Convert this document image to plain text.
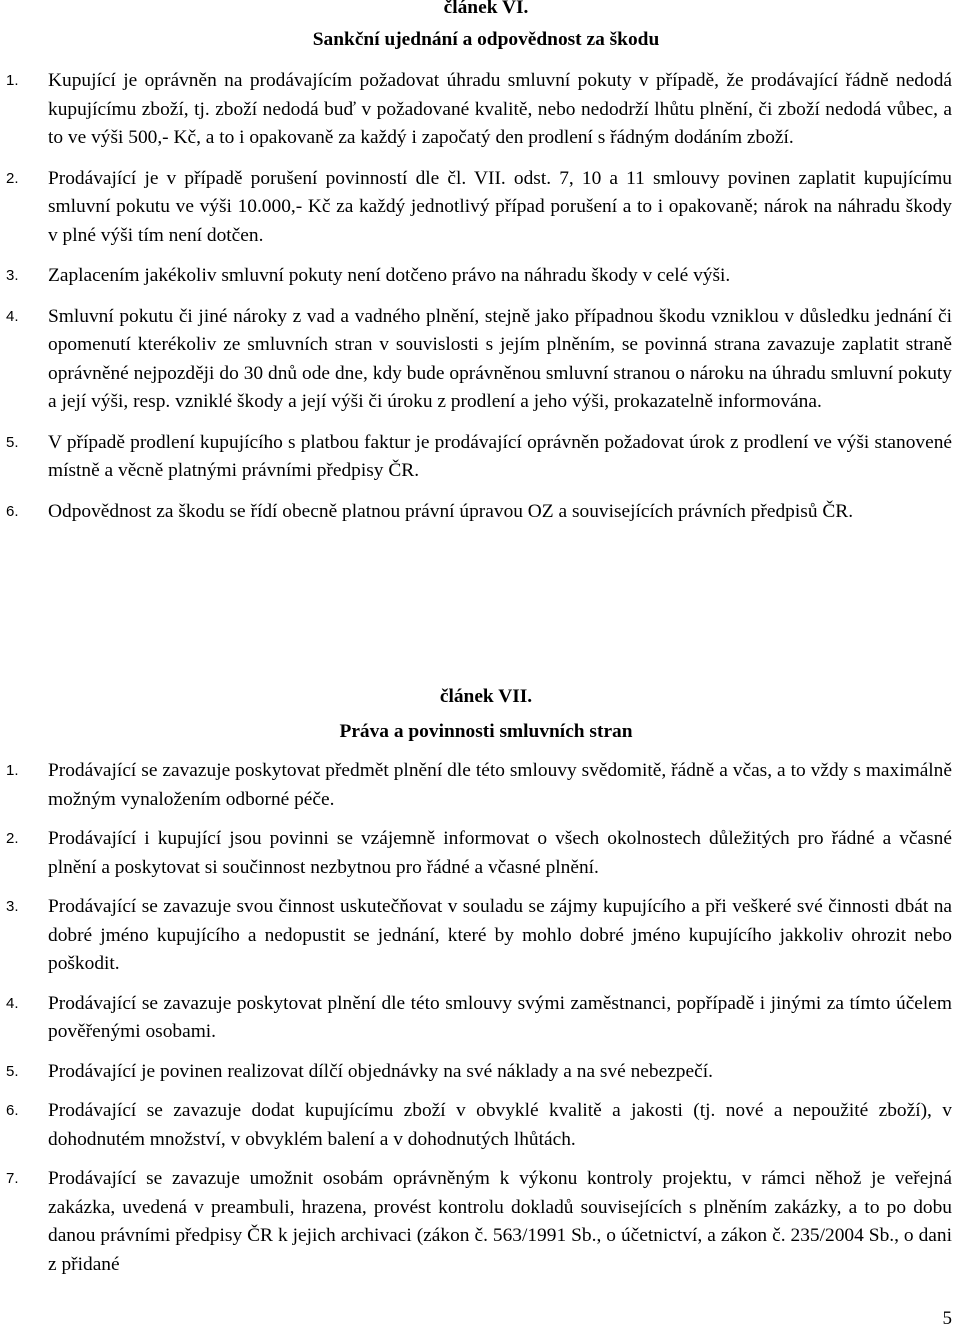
článek VI.

Sankční ujednání a odpovědnost za škodu

1. Kupující je oprávněn na prodávajícím požadovat úhradu smluvní pokuty v případě, že prodávající řádně nedodá kupujícímu zboží, tj. zboží nedodá buď v požadované kvalitě, nebo nedodrží lhůtu plnění, či zboží nedodá vůbec, a to ve výši 500,- Kč, a to i opakovaně za každý i započatý den prodlení s řádným dodáním zboží.
2. Prodávající je v případě porušení povinností dle čl. VII. odst. 7, 10 a 11 smlouvy povinen zaplatit kupujícímu smluvní pokutu ve výši 10.000,- Kč za každý jednotlivý případ porušení a to i opakovaně; nárok na náhradu škody v plné výši tím není dotčen.
3. Zaplacením jakékoliv smluvní pokuty není dotčeno právo na náhradu škody v celé výši.
4. Smluvní pokutu či jiné nároky z vad a vadného plnění, stejně jako případnou škodu vzniklou v důsledku jednání či opomenutí kterékoliv ze smluvních stran v souvislosti s jejím plněním, se povinná strana zavazuje zaplatit straně oprávněné nejpozději do 30 dnů ode dne, kdy bude oprávněnou smluvní stranou o nároku na úhradu smluvní pokuty a její výši, resp. vzniklé škody a její výši či úroku z prodlení a jeho výši, prokazatelně informována.
5. V případě prodlení kupujícího s platbou faktur je prodávající oprávněn požadovat úrok z prodlení ve výši stanovené místně a věcně platnými právními předpisy ČR.
6. Odpovědnost za škodu se řídí obecně platnou právní úpravou OZ a souvisejících právních předpisů ČR.

článek VII.

Práva a povinnosti smluvních stran

1. Prodávající se zavazuje poskytovat předmět plnění dle této smlouvy svědomitě, řádně a včas, a to vždy s maximálně možným vynaložením odborné péče.
2. Prodávající i kupující jsou povinni se vzájemně informovat o všech okolnostech důležitých pro řádné a včasné plnění a poskytovat si součinnost nezbytnou pro řádné a včasné plnění.
3. Prodávající se zavazuje svou činnost uskutečňovat v souladu se zájmy kupujícího a při veškeré své činnosti dbát na dobré jméno kupujícího a nedopustit se jednání, které by mohlo dobré jméno kupujícího jakkoliv ohrozit nebo poškodit.
4. Prodávající se zavazuje poskytovat plnění dle této smlouvy svými zaměstnanci, popřípadě i jinými za tímto účelem pověřenými osobami.
5. Prodávající je povinen realizovat dílčí objednávky na své náklady a na své nebezpečí.
6. Prodávající se zavazuje dodat kupujícímu zboží v obvyklé kvalitě a jakosti (tj. nové a nepoužité zboží), v dohodnutém množství, v obvyklém balení a v dohodnutých lhůtách.
7. Prodávající se zavazuje umožnit osobám oprávněným k výkonu kontroly projektu, v rámci něhož je veřejná zakázka, uvedená v preambuli, hrazena, provést kontrolu dokladů souvisejících s plněním zakázky, a to po dobu danou právními předpisy ČR k jejich archivaci (zákon č. 563/1991 Sb., o účetnictví, a zákon č. 235/2004 Sb., o dani z přidané
5
